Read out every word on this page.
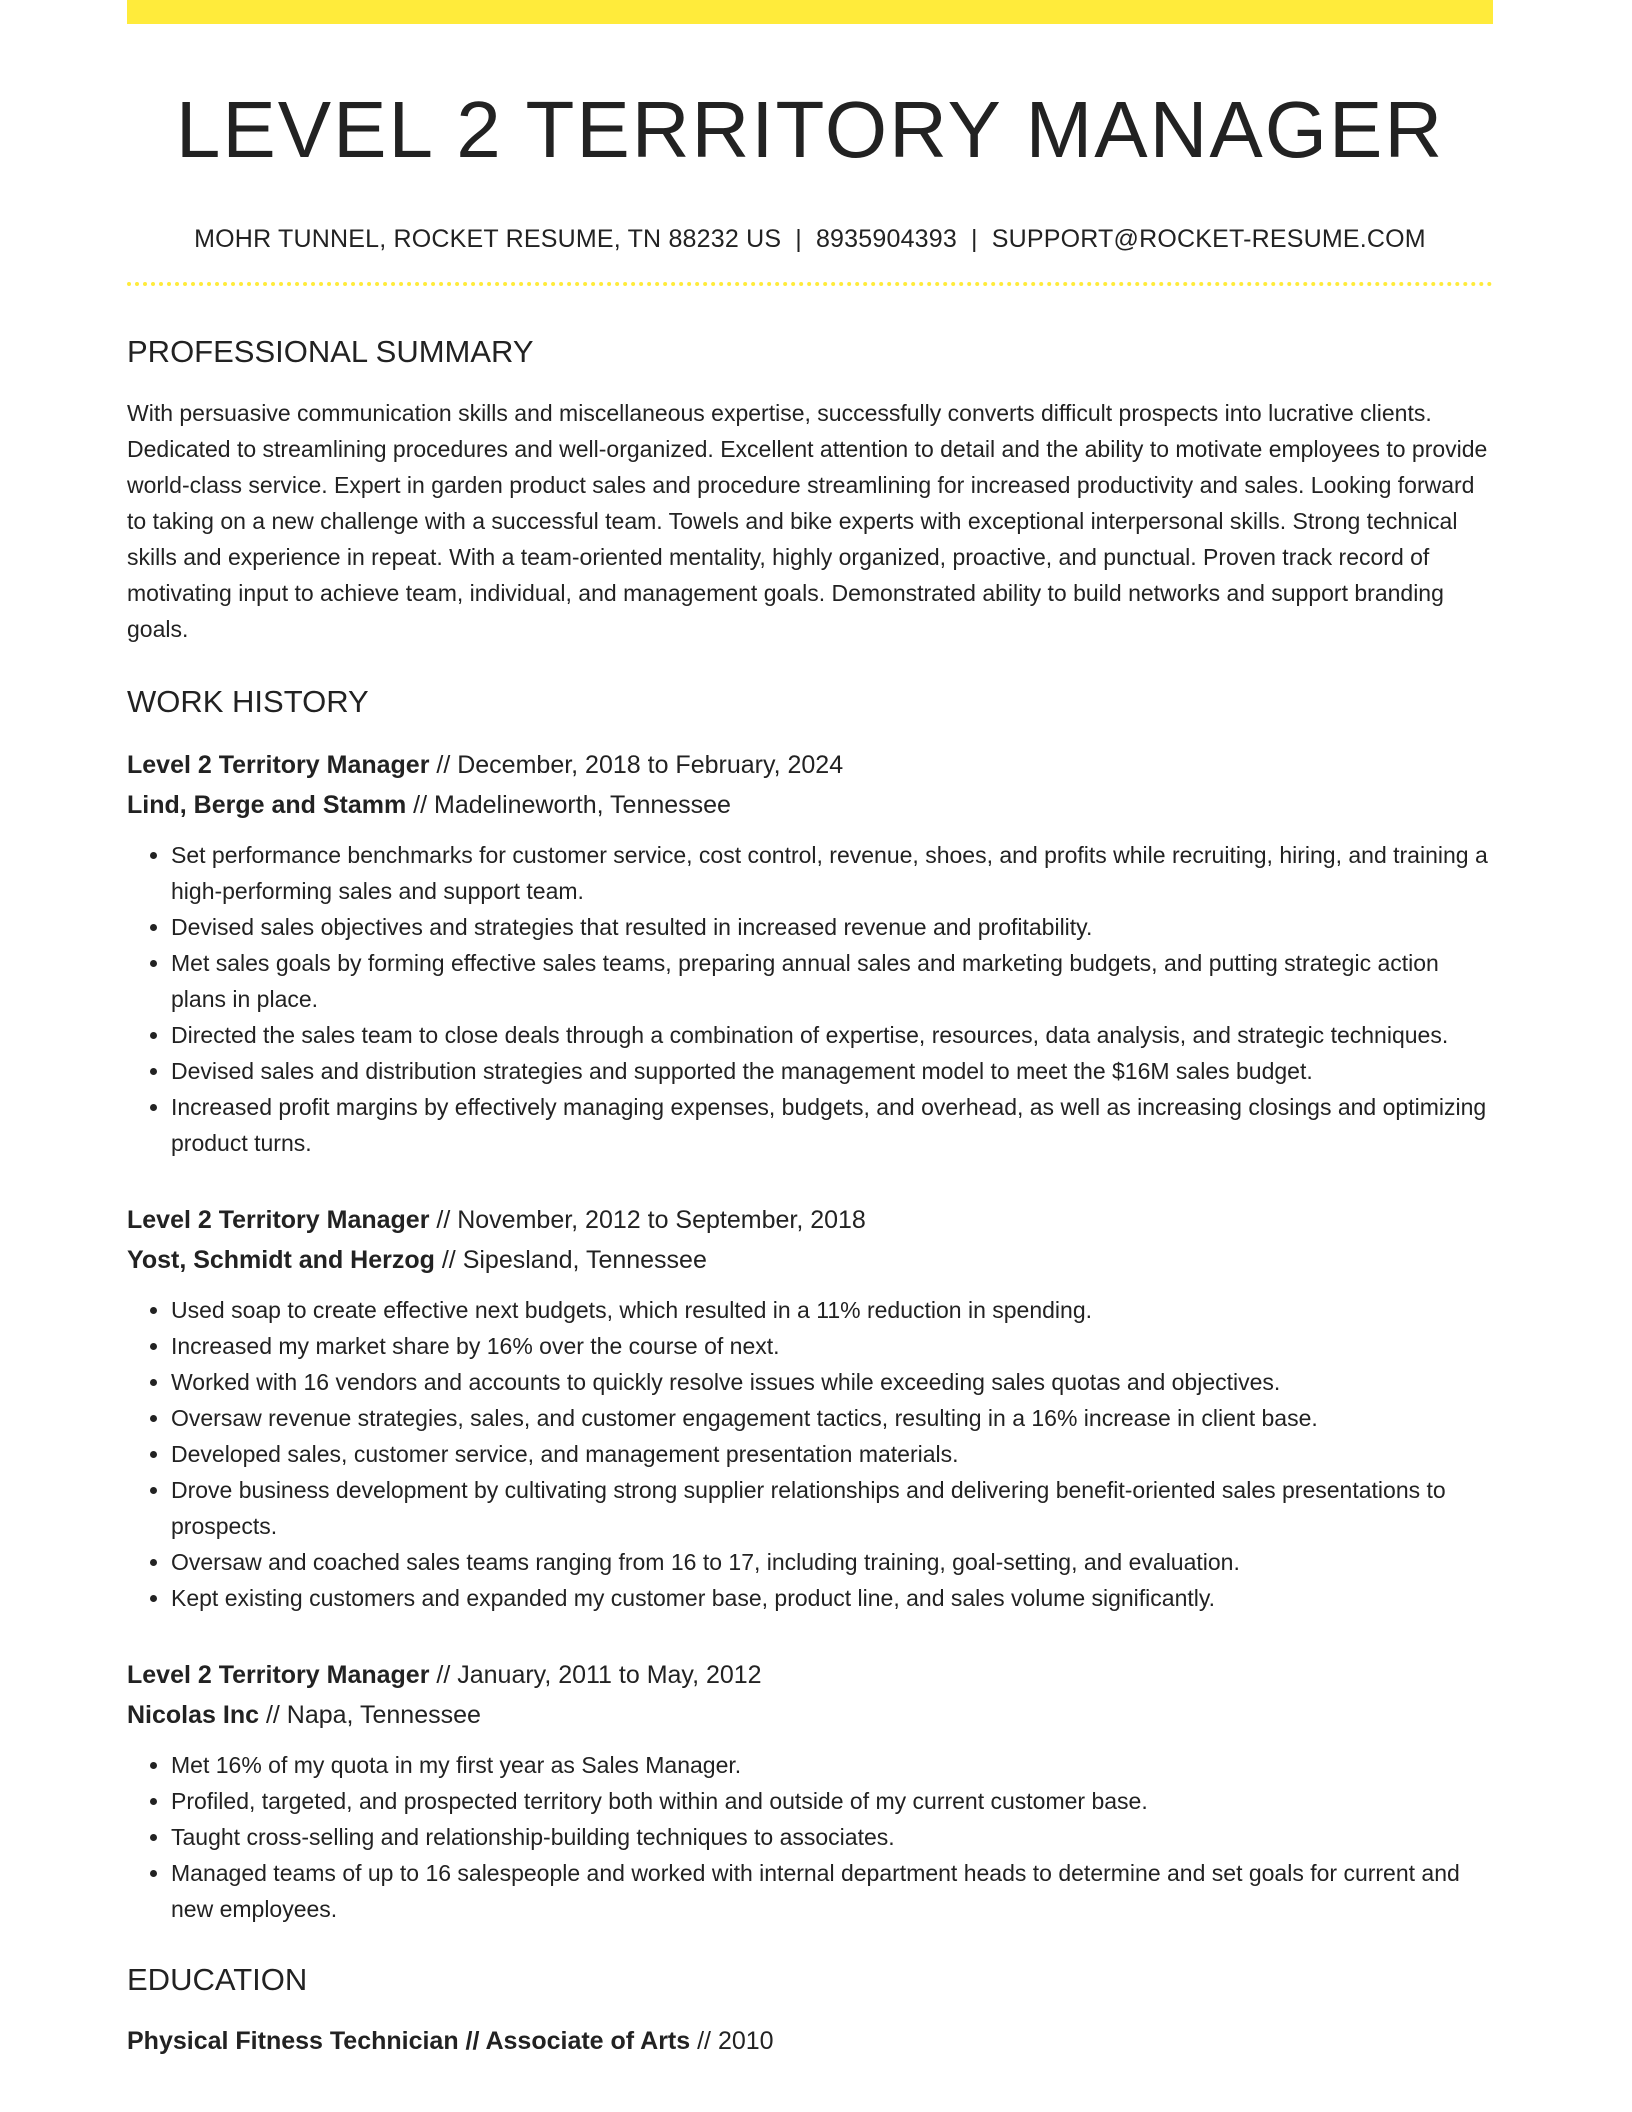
LEVEL 2 TERRITORY MANAGER
MOHR TUNNEL, ROCKET RESUME, TN 88232 US | 8935904393 | SUPPORT@ROCKET-RESUME.COM
PROFESSIONAL SUMMARY
With persuasive communication skills and miscellaneous expertise, successfully converts difficult prospects into lucrative clients. Dedicated to streamlining procedures and well-organized. Excellent attention to detail and the ability to motivate employees to provide world-class service. Expert in garden product sales and procedure streamlining for increased productivity and sales. Looking forward to taking on a new challenge with a successful team. Towels and bike experts with exceptional interpersonal skills. Strong technical skills and experience in repeat. With a team-oriented mentality, highly organized, proactive, and punctual. Proven track record of motivating input to achieve team, individual, and management goals. Demonstrated ability to build networks and support branding goals.
WORK HISTORY
Level 2 Territory Manager // December, 2018 to February, 2024
Lind, Berge and Stamm // Madelineworth, Tennessee
• Set performance benchmarks for customer service, cost control, revenue, shoes, and profits while recruiting, hiring, and training a high-performing sales and support team.
• Devised sales objectives and strategies that resulted in increased revenue and profitability.
• Met sales goals by forming effective sales teams, preparing annual sales and marketing budgets, and putting strategic action plans in place.
• Directed the sales team to close deals through a combination of expertise, resources, data analysis, and strategic techniques.
• Devised sales and distribution strategies and supported the management model to meet the $16M sales budget.
• Increased profit margins by effectively managing expenses, budgets, and overhead, as well as increasing closings and optimizing product turns.
Level 2 Territory Manager // November, 2012 to September, 2018
Yost, Schmidt and Herzog // Sipesland, Tennessee
• Used soap to create effective next budgets, which resulted in a 11% reduction in spending.
• Increased my market share by 16% over the course of next.
• Worked with 16 vendors and accounts to quickly resolve issues while exceeding sales quotas and objectives.
• Oversaw revenue strategies, sales, and customer engagement tactics, resulting in a 16% increase in client base.
• Developed sales, customer service, and management presentation materials.
• Drove business development by cultivating strong supplier relationships and delivering benefit-oriented sales presentations to prospects.
• Oversaw and coached sales teams ranging from 16 to 17, including training, goal-setting, and evaluation.
• Kept existing customers and expanded my customer base, product line, and sales volume significantly.
Level 2 Territory Manager // January, 2011 to May, 2012
Nicolas Inc // Napa, Tennessee
• Met 16% of my quota in my first year as Sales Manager.
• Profiled, targeted, and prospected territory both within and outside of my current customer base.
• Taught cross-selling and relationship-building techniques to associates.
• Managed teams of up to 16 salespeople and worked with internal department heads to determine and set goals for current and new employees.
EDUCATION
Physical Fitness Technician // Associate of Arts // 2010
